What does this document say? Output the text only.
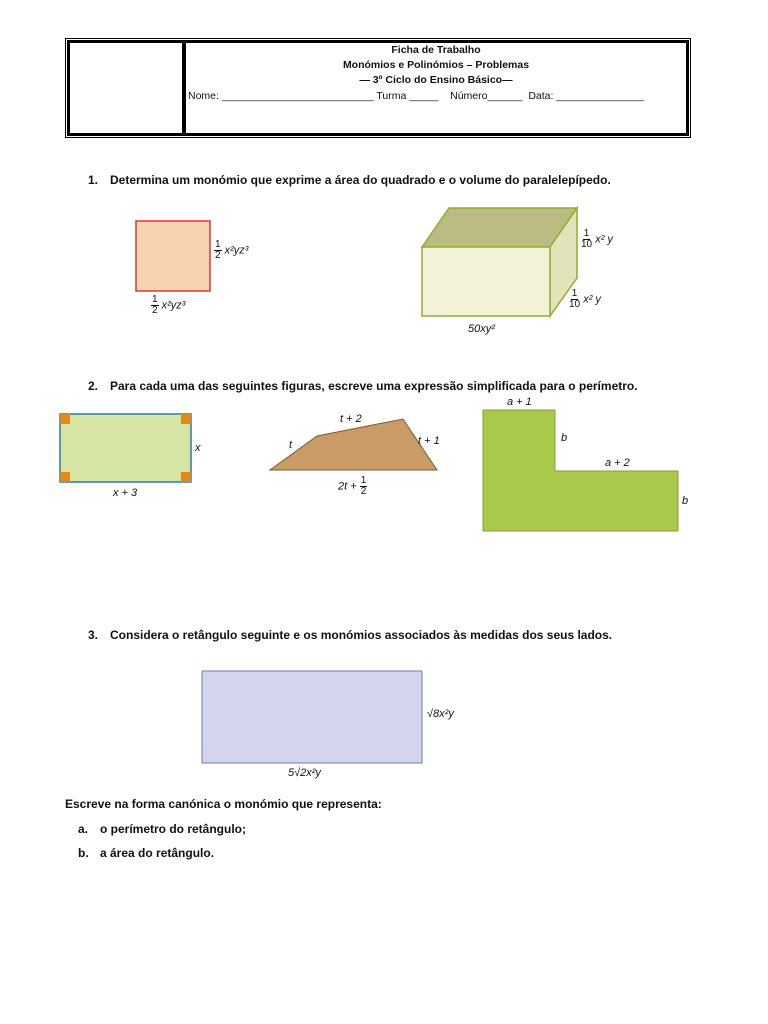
Ficha de Trabalho
Monómios e Polinómios – Problemas
— 3º Ciclo do Ensino Básico—
Nome: __________________________ Turma _____    Número______  Data: _______________
1. Determina um monómio que exprime a área do quadrado e o volume do paralelepípedo.
$\frac{1}{2} x^2yz^3$
$\frac{1}{2} x^2yz^3$
$\frac{1}{10} x^2$ y
$\frac{1}{10} x^2$ y
50xy²
2. Para cada uma das seguintes figuras, escreve uma expressão simplificada para o perímetro.
x
x + 3
t
t + 2
t + 1
$2t + \frac{1}{2}$
a + 1
b
a + 2
b
3. Considera o retângulo seguinte e os monómios associados às medidas dos seus lados.
√8x²y
5√2x²y
Escreve na forma canónica o monómio que representa:
a. o perímetro do retângulo;
b. a área do retângulo.
